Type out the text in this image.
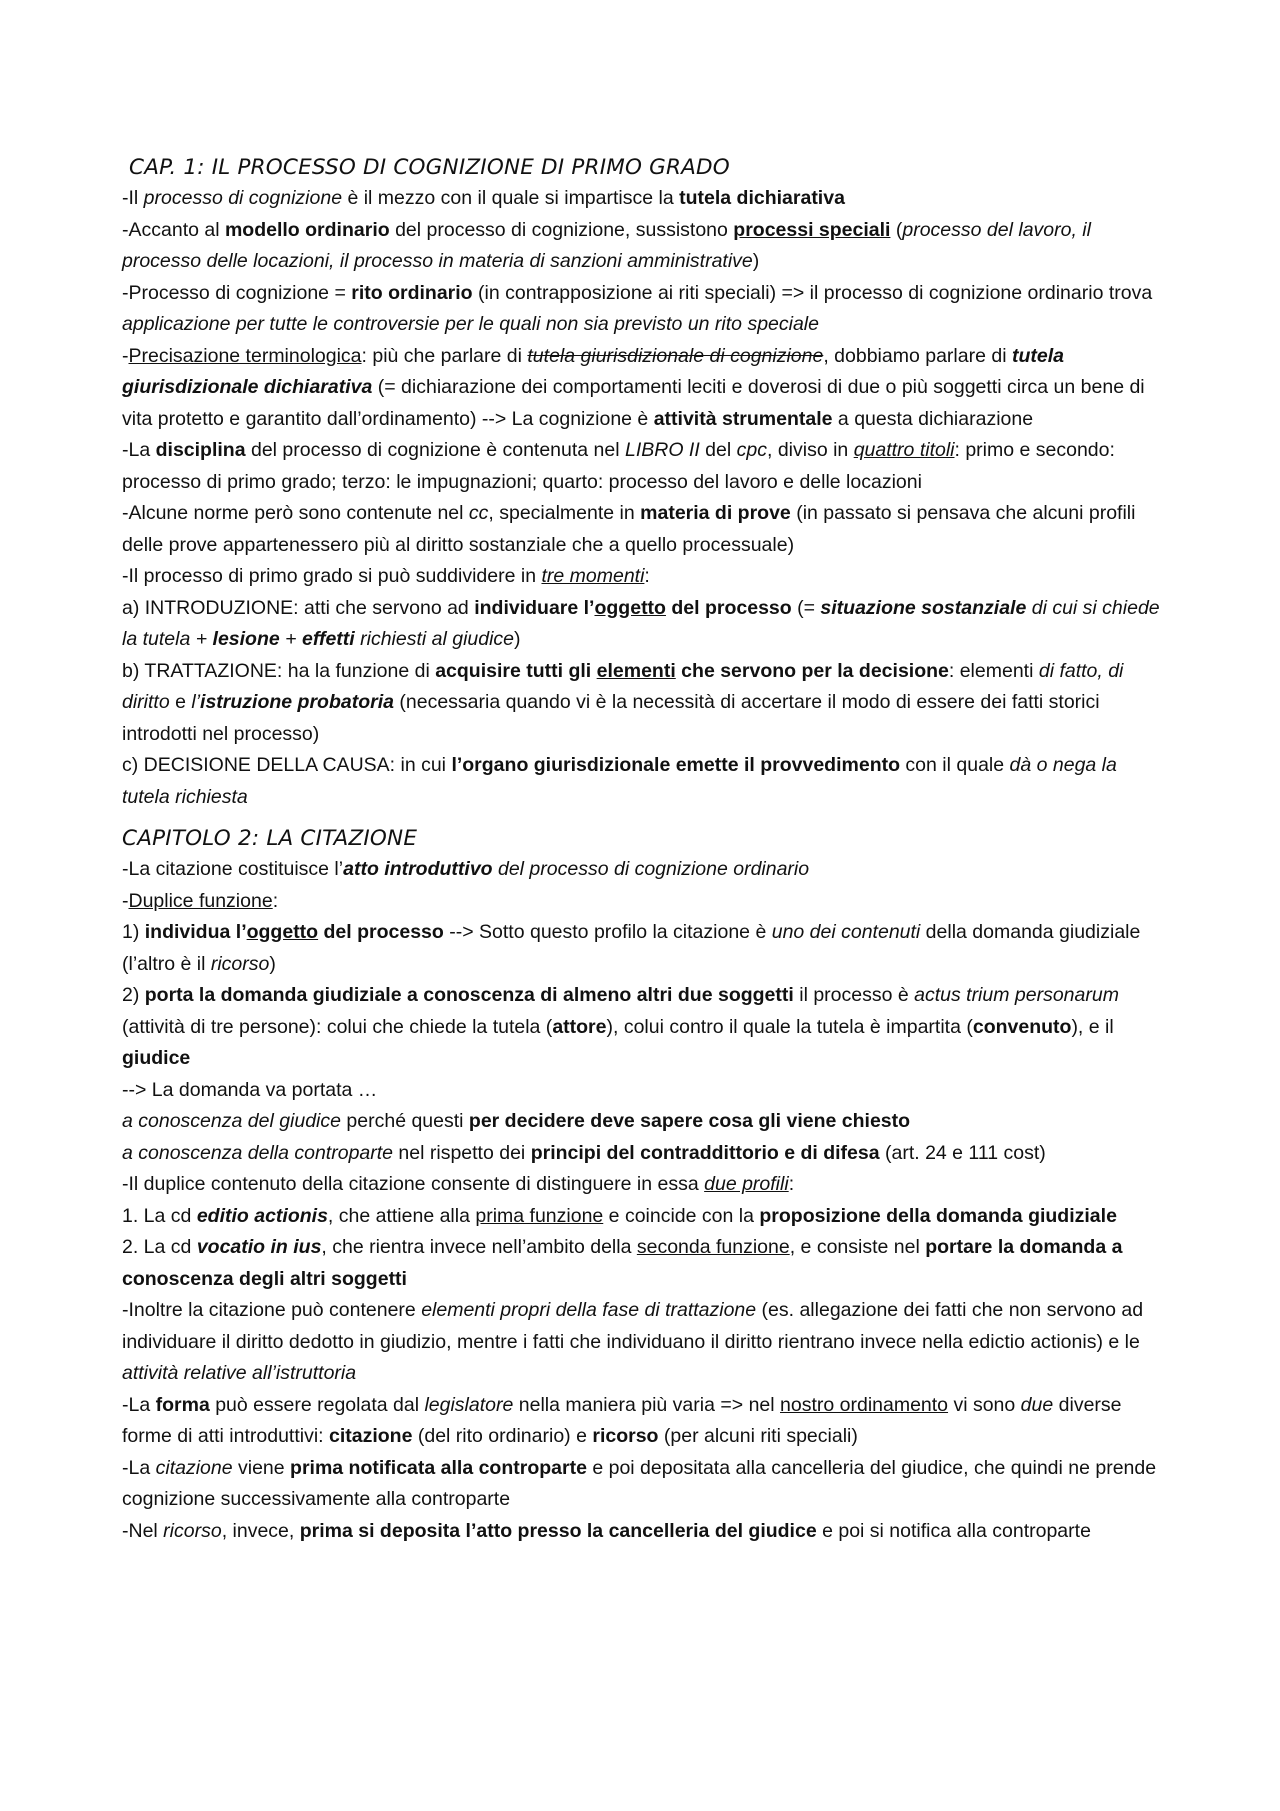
CAP. 1: IL PROCESSO DI COGNIZIONE DI PRIMO GRADO

-Il processo di cognizione è il mezzo con il quale si impartisce la tutela dichiarativa

-Accanto al modello ordinario del processo di cognizione, sussistono processi speciali (processo del lavoro, il processo delle locazioni, il processo in materia di sanzioni amministrative)

-Processo di cognizione = rito ordinario (in contrapposizione ai riti speciali) => il processo di cognizione ordinario trova applicazione per tutte le controversie per le quali non sia previsto un rito speciale

-Precisazione terminologica: più che parlare di tutela giurisdizionale di cognizione, dobbiamo parlare di tutela giurisdizionale dichiarativa (= dichiarazione dei comportamenti leciti e doverosi di due o più soggetti circa un bene di vita protetto e garantito dall’ordinamento) --> La cognizione è attività strumentale a questa dichiarazione

-La disciplina del processo di cognizione è contenuta nel LIBRO II del cpc, diviso in quattro titoli: primo e secondo: processo di primo grado; terzo: le impugnazioni; quarto: processo del lavoro e delle locazioni

-Alcune norme però sono contenute nel cc, specialmente in materia di prove (in passato si pensava che alcuni profili delle prove appartenessero più al diritto sostanziale che a quello processuale)

-Il processo di primo grado si può suddividere in tre momenti:

a) INTRODUZIONE: atti che servono ad individuare l’oggetto del processo (= situazione sostanziale di cui si chiede la tutela + lesione + effetti richiesti al giudice)

b) TRATTAZIONE: ha la funzione di acquisire tutti gli elementi che servono per la decisione: elementi di fatto, di diritto e l’istruzione probatoria (necessaria quando vi è la necessità di accertare il modo di essere dei fatti storici introdotti nel processo)

c) DECISIONE DELLA CAUSA: in cui l’organo giurisdizionale emette il provvedimento con il quale dà o nega la tutela richiesta

CAPITOLO 2: LA CITAZIONE

-La citazione costituisce l’atto introduttivo del processo di cognizione ordinario

-Duplice funzione:

1) individua l’oggetto del processo --> Sotto questo profilo la citazione è uno dei contenuti della domanda giudiziale (l’altro è il ricorso)

2) porta la domanda giudiziale a conoscenza di almeno altri due soggetti il processo è actus trium personarum (attività di tre persone): colui che chiede la tutela (attore), colui contro il quale la tutela è impartita (convenuto), e il giudice

--> La domanda va portata …

a conoscenza del giudice perché questi per decidere deve sapere cosa gli viene chiesto

a conoscenza della controparte nel rispetto dei principi del contraddittorio e di difesa (art. 24 e 111 cost)

-Il duplice contenuto della citazione consente di distinguere in essa due profili:

1. La cd editio actionis, che attiene alla prima funzione e coincide con la proposizione della domanda giudiziale

2. La cd vocatio in ius, che rientra invece nell’ambito della seconda funzione, e consiste nel portare la domanda a conoscenza degli altri soggetti

-Inoltre la citazione può contenere elementi propri della fase di trattazione (es. allegazione dei fatti che non servono ad individuare il diritto dedotto in giudizio, mentre i fatti che individuano il diritto rientrano invece nella edictio actionis) e le attività relative all’istruttoria

-La forma può essere regolata dal legislatore nella maniera più varia => nel nostro ordinamento vi sono due diverse forme di atti introduttivi: citazione (del rito ordinario) e ricorso (per alcuni riti speciali)

-La citazione viene prima notificata alla controparte e poi depositata alla cancelleria del giudice, che quindi ne prende cognizione successivamente alla controparte

-Nel ricorso, invece, prima si deposita l’atto presso la cancelleria del giudice e poi si notifica alla controparte
